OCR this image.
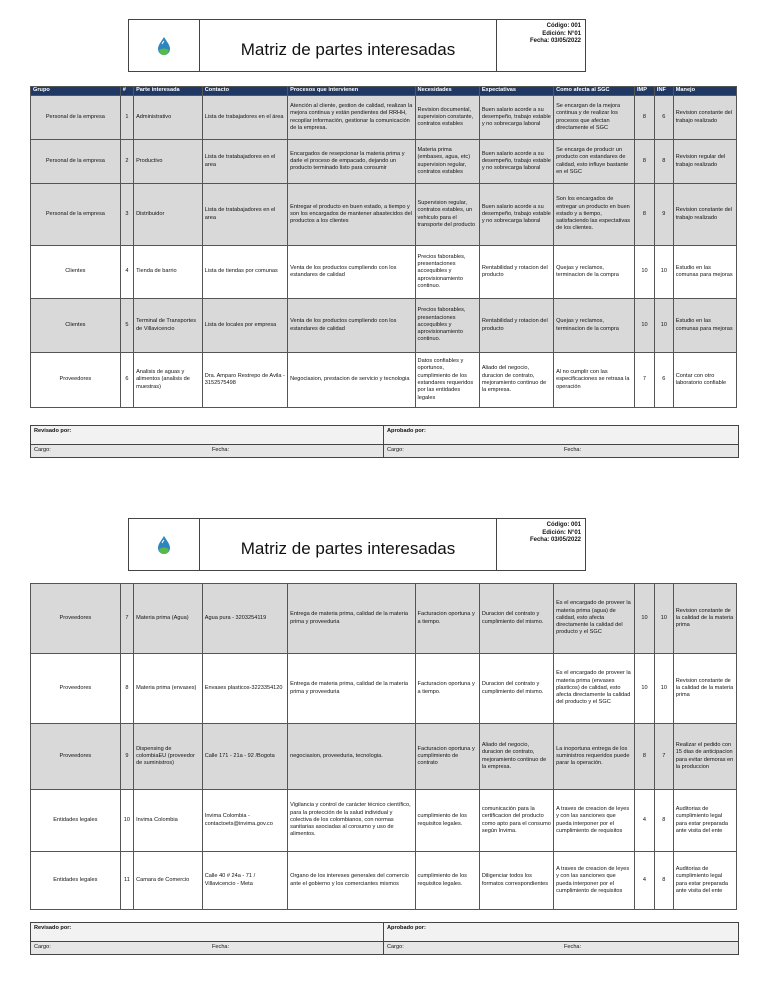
Matriz de partes interesadas
Código: 001
Edición: N°01
Fecha: 03/05/2022
Grupo	#	Parte interesada	Contacto	Procesos que intervienen	Necesidades	Expectativas	Como afecta al SGC	IMP	INF	Manejo
Personal de la empresa	1	Administrativo	Lista de trabajadores en el área	Atención al cliente, gestion de calidad, realizan la mejora continua y están pendientes del RRHH, recopilar información, gestionar la comunicación de la empresa.	Revision documental, supervision constante, contratos estables	Buen salario acorde a su desempeño, trabajo estable y no sobrecarga laboral	Se encargan de la mejora continua y de realizar los procesos que afectan directamente el SGC	8	6	Revision constante del trabajo realizado
Personal de la empresa	2	Productivo	Lista de tratabajadores en el area	Encargados de resepcionar la materia prima y darle el proceso de empacado, dejando un producto terminado listo para consumir	Materia prima (embases, agua, etc) supervision regular, contratos estables	Buen salario acorde a su desempeño, trabajo estable y no sobrecarga laboral	Se encarga de producir un producto con estandares de calidad, esto influye bastante en el SGC	8	8	Revision regular del trabajo realizado
Personal de la empresa	3	Distribuidor	Lista de tratabajadores en el area	Entregar el producto en buen estado, a tiempo y son los encargados de mantener abastecidos del productos a los clientes	Supervision regular, contratos estables, un vehiculo para el transporte del producto	Buen salario acorde a su desempeño, trabajo estable y no sobrecarga laboral	Son los encargados de entregar un producto en buen estado y a tiempo, satisfaciendo las espectativas de los clientes.	8	9	Revision constante del trabajo realizado
Clientes	4	Tienda de barrio	Lista de tiendas por comunas	Venta de los productos cumpliendo con los estandares de calidad	Precios faborables, presentaciones accequibles y aprovisionamiento continuo.	Rentabilidad y rotacion del producto	Quejas y reclamos, terminacion de la compra	10	10	Estudio en las comunas para mejoras
Clientes	5	Terminal de Transportes de Villavicencio	Lista de locales por empresa	Venta de los productos cumpliendo con los estandares de calidad	Precios faborables, presentaciones accequibles y aprovisionamiento continuo.	Rentabilidad y rotacion del producto	Quejas y reclamos, terminacion de la compra	10	10	Estudio en las comunas para mejoras
Proveedores	6	Analisis de aguas y alimentos (analisis de muestras)	Dra. Amparo Restrepo de Avila - 3152575498	Negociasion, prestacion de servicio y tecnologia	Datos confiables y oportunos, cumplimiento de los estandares requeridos por las entidades legales	Aliado del negocio, duracion de contrato, mejoramiento continuo de la empresa.	Al no cumplir con las especificaciones se retrasa la operación	7	6	Contar con otro laboratorio confiable
Revisado por:	Aprobado por:
Cargo:	Fecha:	Cargo:	Fecha:
Matriz de partes interesadas
Código: 001
Edición: N°01
Fecha: 03/05/2022
Proveedores	7	Materia prima (Agua)	Agua pura - 3203254119	Entrega de materia prima, calidad de la materia prima y proveeduria	Facturacion oportuna y a tiempo.	Duracion del contrato y cumplimiento del mismo.	Es el encargado de proveer la materia prima (agua) de calidad, esto afecta directamente la calidad del producto y el SGC	10	10	Revision constante de la calidad de la materia prima
Proveedores	8	Materia prima (envases)	Envases plasticos-3223354120	Entrega de materia prima, calidad de la materia prima y proveeduria	Facturacion oportuna y a tiempo.	Duracion del contrato y cumplimiento del mismo.	Es el encargado de proveer la materia prima (envases plasticos) de calidad, esto afecta directamente la calidad del producto y el SGC	10	10	Revision constante de la calidad de la materia prima
Proveedores	9	Dispensing de colombiaEU (proveedor de suministros)	Calle 171 - 21a - 92 /Bogota	negociasion, proveeduria, tecnologia.	Facturacion oportuna y cumplimiento de contrato	Aliado del negocio, duracion de contrato, mejoramiento continuo de la empresa.	La inoportuna entrega de los suministros requeridos puede parar la operación.	8	7	Realizar el pedido con 15 dias de anticipacion para evitar demoras en la produccion
Entidades legales	10	Invima Colombia	Invima Colombia - contactoets@invima.gov.co	Vigilancia y control de carácter técnico científico, para la protección de la salud individual y colectiva de los colombianos, con normas sanitarias asociadas al consumo y uso de alimentos.	cumplimiento de los requisitos legales.	comunicación para la certificacion del producto como apto para el consumo según Invima.	A traves de creacion de leyes y con las sanciones que pueda interponer por el cumplimiento de requisitos	4	8	Auditorias de cumplimiento legal para estar preparada ante visita del ente
Entidades legales	11	Camara de Comercio	Calle 40 # 24a - 71 / Villavicencio - Meta	Organo de los intereses generales del comercio ante el gobierno y los comerciantes mismos	cumplimiento de los requisitos legales.	Diligenciar todos los formatos correspondientes	A traves de creacion de leyes y con las sanciones que pueda interponer por el cumplimiento de requisitos	4	8	Auditorias de cumplimiento legal para estar preparada ante visita del ente
Revisado por:	Aprobado por:
Cargo:	Fecha:	Cargo:	Fecha:
